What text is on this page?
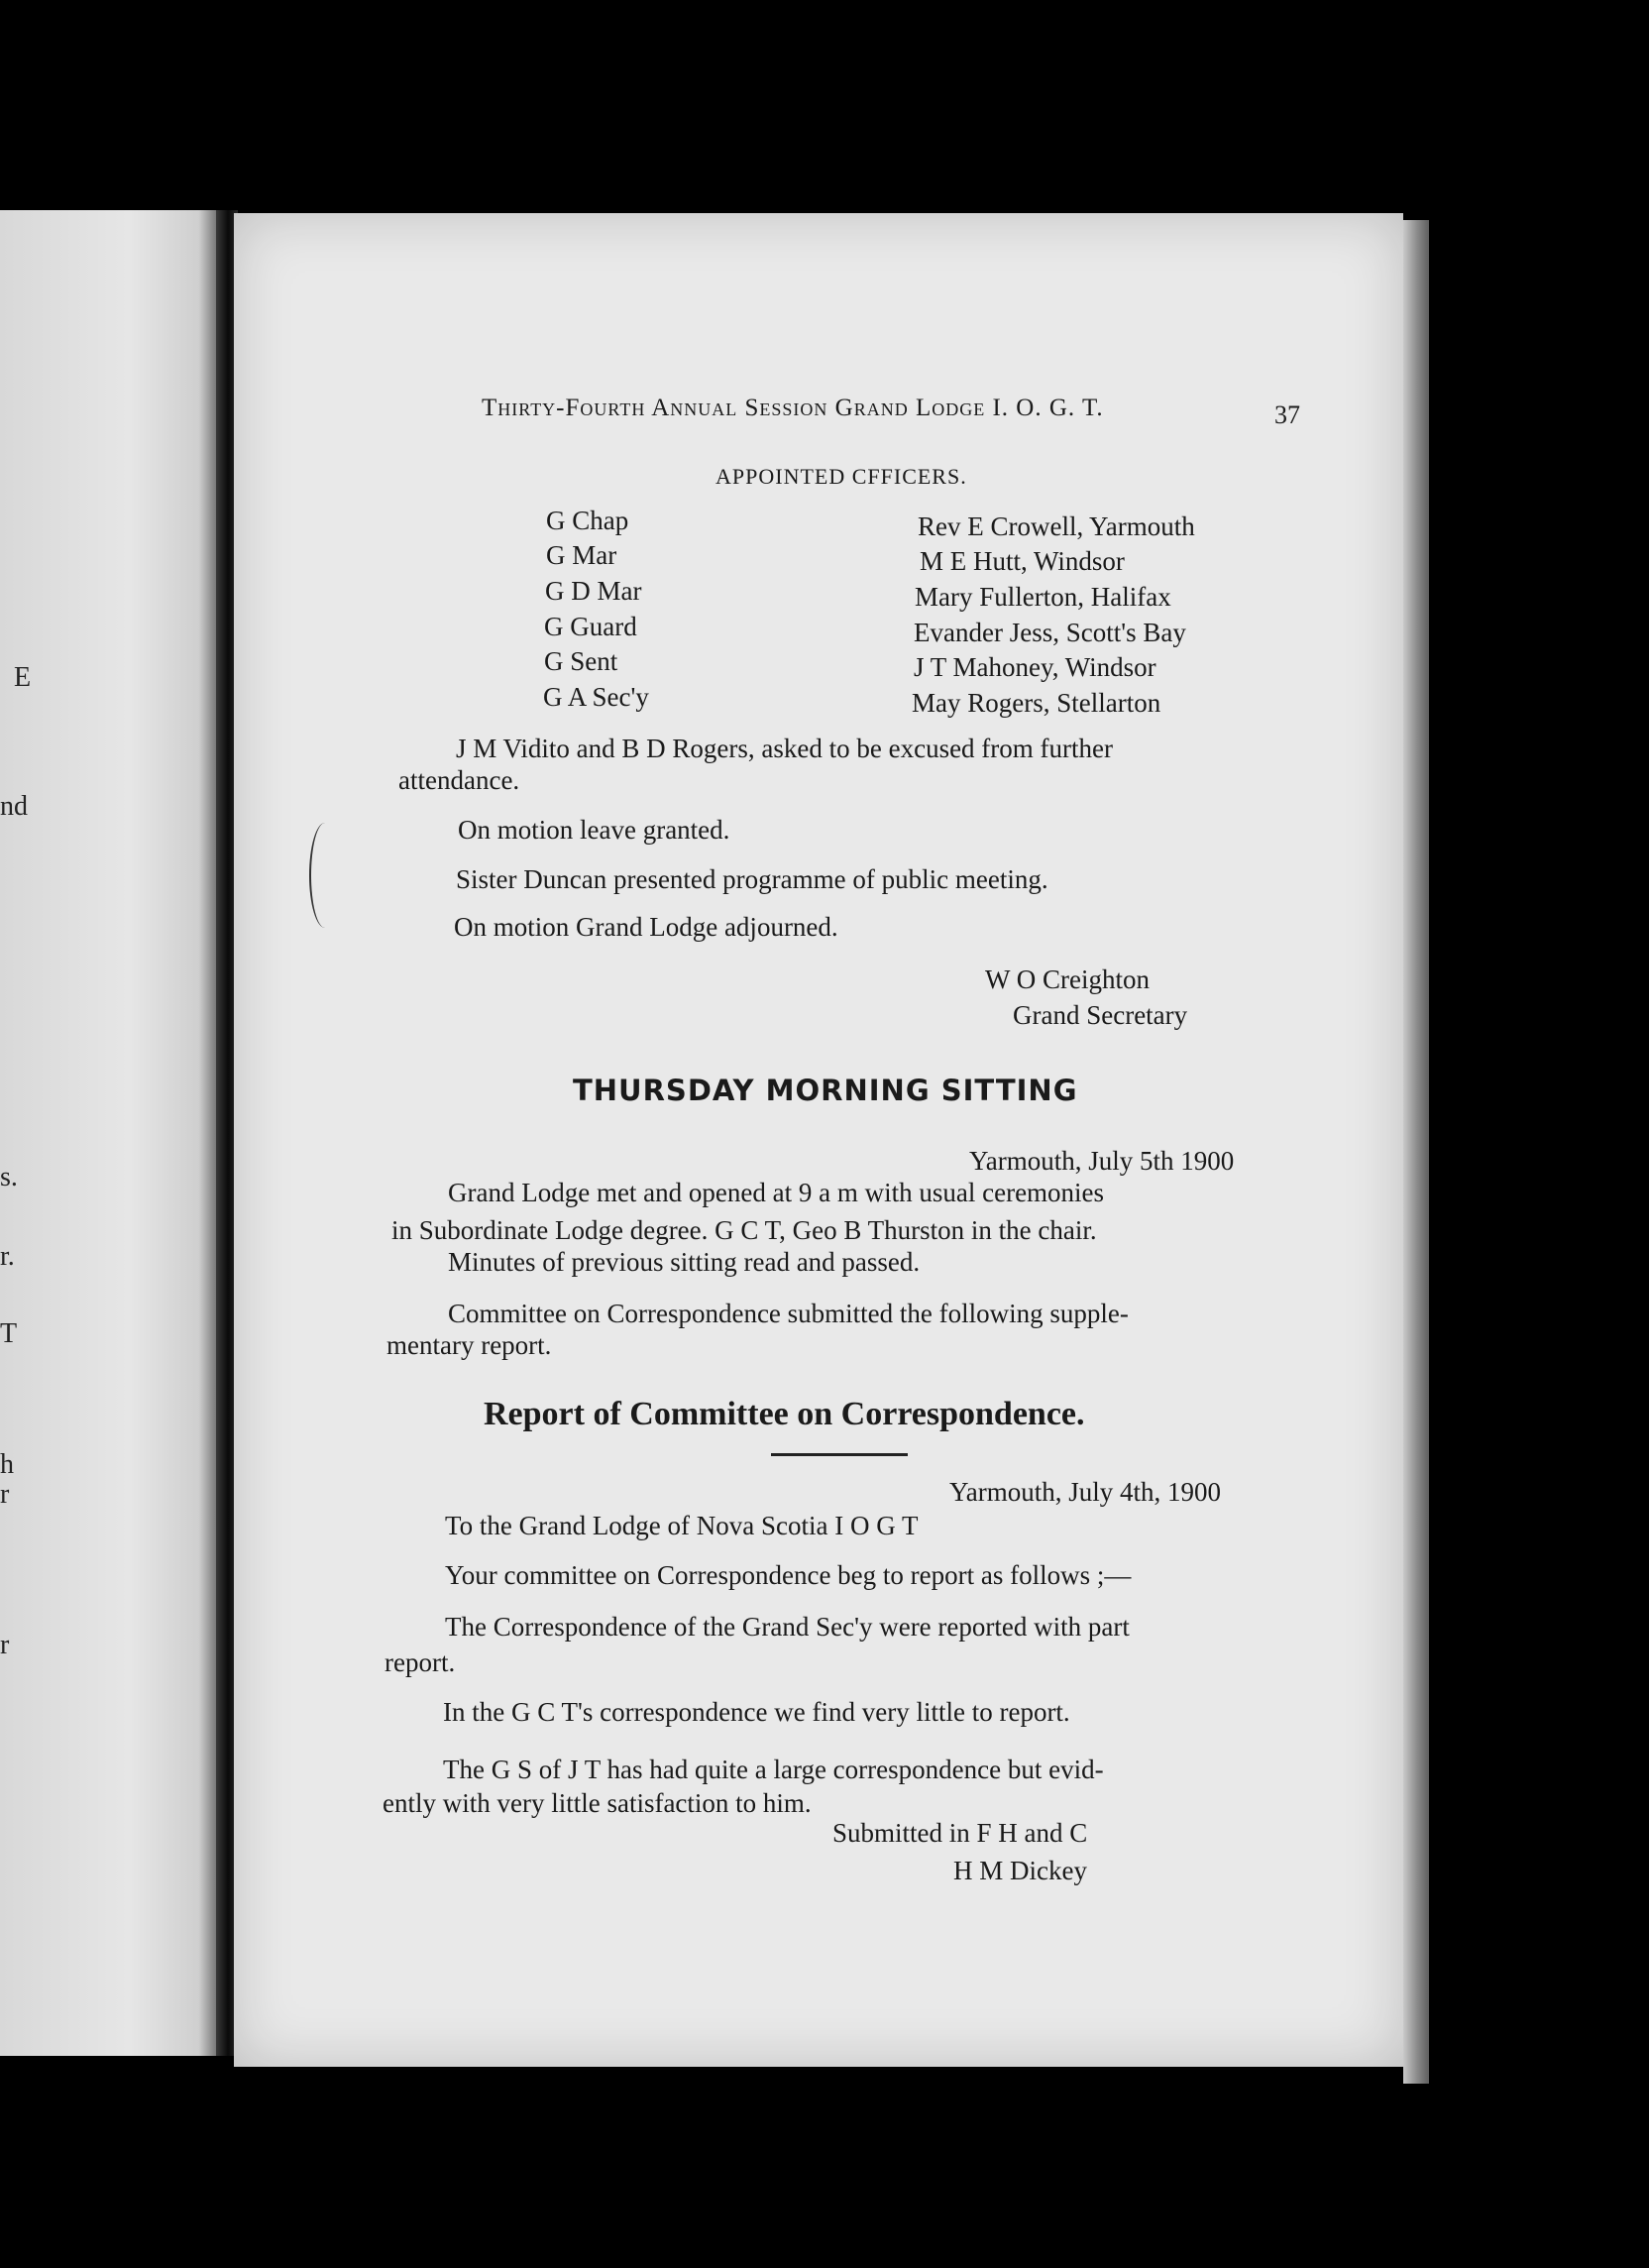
E
nd
s.
r.
T
h
r
r
Thirty-Fourth Annual Session Grand Lodge I. O. G. T.	37
APPOINTED CFFICERS.
G Chap	Rev E Crowell, Yarmouth
G Mar	M E Hutt, Windsor
G D Mar	Mary Fullerton, Halifax
G Guard	Evander Jess, Scott's Bay
G Sent	J T Mahoney, Windsor
G A Sec'y	May Rogers, Stellarton
J M Vidito and B D Rogers, asked to be excused from further
attendance.
On motion leave granted.
Sister Duncan presented programme of public meeting.
On motion Grand Lodge adjourned.
W O Creighton
Grand Secretary
THURSDAY MORNING SITTING
Yarmouth, July 5th 1900
Grand Lodge met and opened at 9 a m with usual ceremonies
in Subordinate Lodge degree. G C T, Geo B Thurston in the chair.
Minutes of previous sitting read and passed.
Committee on Correspondence submitted the following supple-
mentary report.
Report of Committee on Correspondence.
Yarmouth, July 4th, 1900
To the Grand Lodge of Nova Scotia I O G T
Your committee on Correspondence beg to report as follows ;—
The Correspondence of the Grand Sec'y were reported with part
report.
In the G C T's correspondence we find very little to report.
The G S of J T has had quite a large correspondence but evid-
ently with very little satisfaction to him.
Submitted in F H and C
H M Dickey
